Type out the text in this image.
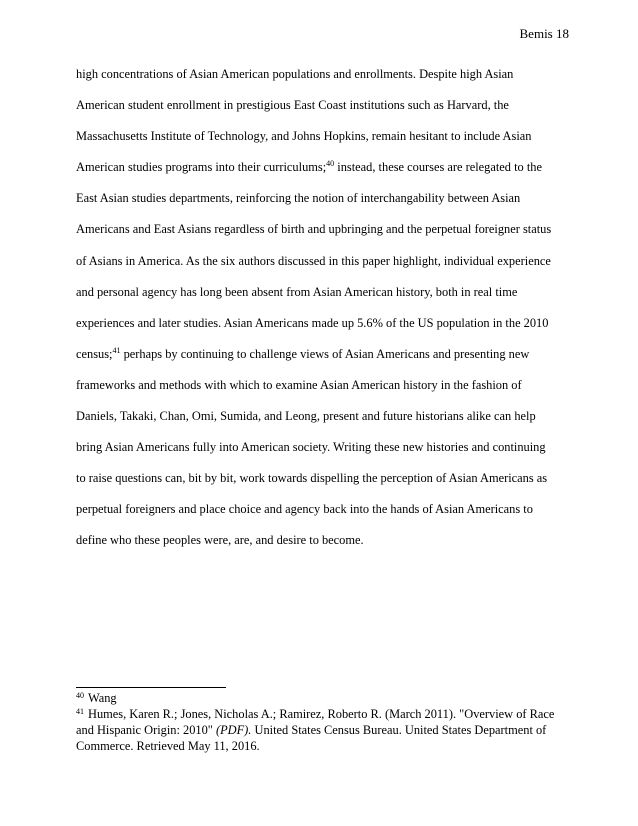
Bemis 18
high concentrations of Asian American populations and enrollments. Despite high Asian
American student enrollment in prestigious East Coast institutions such as Harvard, the
Massachusetts Institute of Technology, and Johns Hopkins, remain hesitant to include Asian
American studies programs into their curriculums;$^{40}$ instead, these courses are relegated to the
East Asian studies departments, reinforcing the notion of interchangability between Asian
Americans and East Asians regardless of birth and upbringing and the perpetual foreigner status
of Asians in America. As the six authors discussed in this paper highlight, individual experience
and personal agency has long been absent from Asian American history, both in real time
experiences and later studies. Asian Americans made up 5.6% of the US population in the 2010
census;$^{41}$ perhaps by continuing to challenge views of Asian Americans and presenting new
frameworks and methods with which to examine Asian American history in the fashion of
Daniels, Takaki, Chan, Omi, Sumida, and Leong, present and future historians alike can help
bring Asian Americans fully into American society. Writing these new histories and continuing
to raise questions can, bit by bit, work towards dispelling the perception of Asian Americans as
perpetual foreigners and place choice and agency back into the hands of Asian Americans to
define who these peoples were, are, and desire to become.
$^{40}$ Wang
$^{41}$ Humes, Karen R.; Jones, Nicholas A.; Ramirez, Roberto R. (March 2011). "Overview of Race
and Hispanic Origin: 2010" (PDF). United States Census Bureau. United States Department of
Commerce. Retrieved May 11, 2016.
